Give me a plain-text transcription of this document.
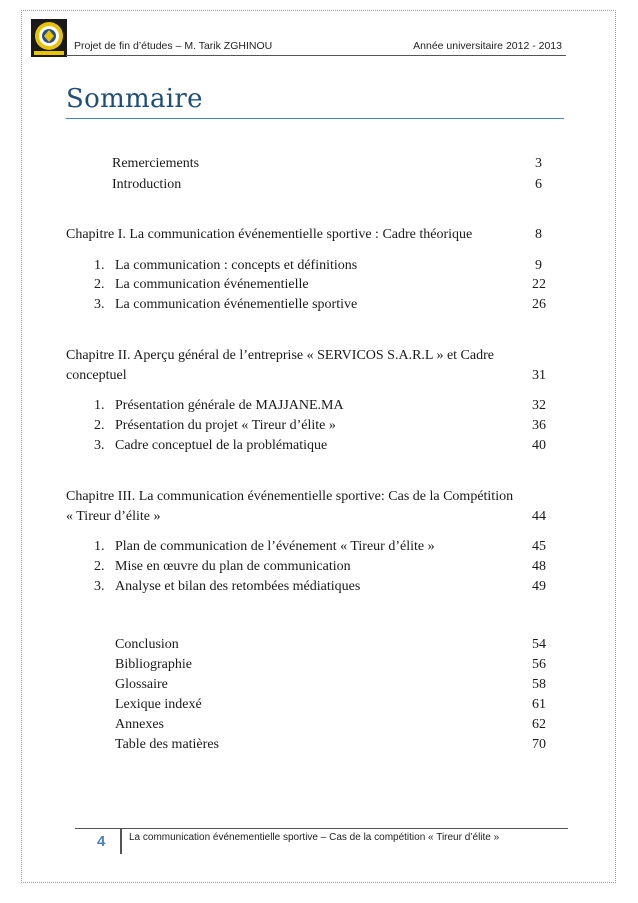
Projet de fin d’études – M. Tarik ZGHINOU	Année universitaire 2012 - 2013
Sommaire
Remerciements	3
Introduction	6
Chapitre I. La communication événementielle sportive : Cadre théorique	8
1. La communication : concepts et définitions	9
2. La communication événementielle	22
3. La communication événementielle sportive	26
Chapitre II. Aperçu général de l’entreprise « SERVICOS S.A.R.L » et Cadre
conceptuel	31
1. Présentation générale de MAJJANE.MA	32
2. Présentation du projet « Tireur d’élite »	36
3. Cadre conceptuel de la problématique	40
Chapitre III. La communication événementielle sportive: Cas de la Compétition
« Tireur d’élite »	44
1. Plan de communication de l’événement « Tireur d’élite »	45
2. Mise en œuvre du plan de communication	48
3. Analyse et bilan des retombées médiatiques	49
Conclusion	54
Bibliographie	56
Glossaire	58
Lexique indexé	61
Annexes	62
Table des matières	70
4 La communication événementielle sportive – Cas de la compétition « Tireur d’élite »
